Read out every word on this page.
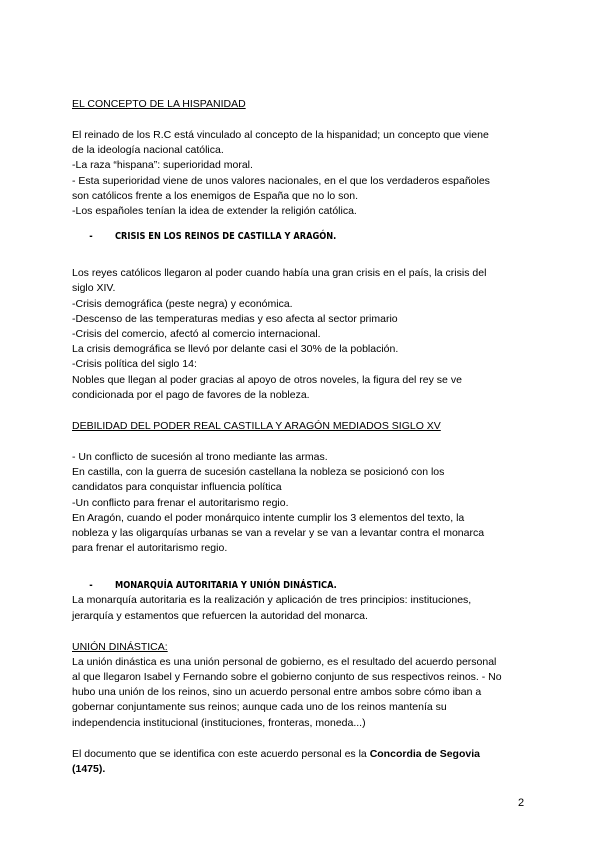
EL CONCEPTO DE LA HISPANIDAD

El reinado de los R.C está vinculado al concepto de la hispanidad; un concepto que viene

de la ideología nacional católica.

-La raza “hispana”: superioridad moral.

- Esta superioridad viene de unos valores nacionales, en el que los verdaderos españoles

son católicos frente a los enemigos de España que no lo son.

-Los españoles tenían la idea de extender la religión católica.

- CRISIS EN LOS REINOS DE CASTILLA Y ARAGÓN.

Los reyes católicos llegaron al poder cuando había una gran crisis en el país, la crisis del

siglo XIV.

-Crisis demográfica (peste negra) y económica.

-Descenso de las temperaturas medias y eso afecta al sector primario

-Crisis del comercio, afectó al comercio internacional.

La crisis demográfica se llevó por delante casi el 30% de la población.

-Crisis política del siglo 14:

Nobles que llegan al poder gracias al apoyo de otros noveles, la figura del rey se ve

condicionada por el pago de favores de la nobleza.

DEBILIDAD DEL PODER REAL CASTILLA Y ARAGÓN MEDIADOS SIGLO XV

- Un conflicto de sucesión al trono mediante las armas.

En castilla, con la guerra de sucesión castellana la nobleza se posicionó con los

candidatos para conquistar influencia política

-Un conflicto para frenar el autoritarismo regio.

En Aragón, cuando el poder monárquico intente cumplir los 3 elementos del texto, la

nobleza y las oligarquías urbanas se van a revelar y se van a levantar contra el monarca

para frenar el autoritarismo regio.

- MONARQUÍA AUTORITARIA Y UNIÓN DINÁSTICA.

La monarquía autoritaria es la realización y aplicación de tres principios: instituciones,

jerarquía y estamentos que refuercen la autoridad del monarca.

UNIÓN DINÁSTICA:

La unión dinástica es una unión personal de gobierno, es el resultado del acuerdo personal

al que llegaron Isabel y Fernando sobre el gobierno conjunto de sus respectivos reinos. - No

hubo una unión de los reinos, sino un acuerdo personal entre ambos sobre cómo iban a

gobernar conjuntamente sus reinos; aunque cada uno de los reinos mantenía su

independencia institucional (instituciones, fronteras, moneda...)

El documento que se identifica con este acuerdo personal es la Concordia de Segovia

(1475).

2
